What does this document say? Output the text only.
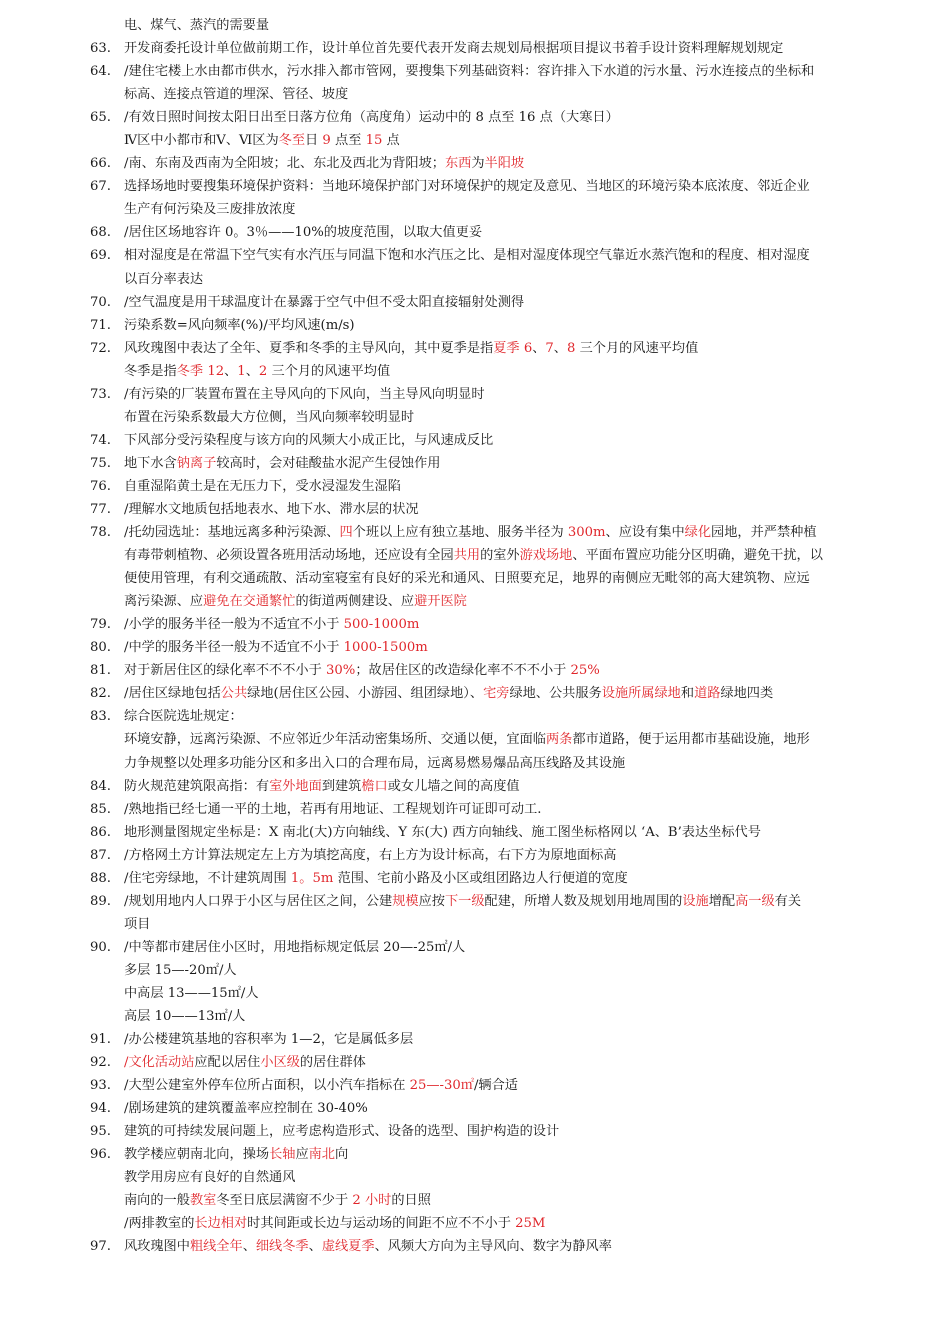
电、煤气、蒸汽的需要量
63. 开发商委托设计单位做前期工作，设计单位首先要代表开发商去规划局根据项目提议书着手设计资料理解规划规定
64. /建住宅楼上水由都市供水，污水排入都市管网，要搜集下列基础资料：容许排入下水道的污水量、污水连接点的坐标和
标高、连接点管道的埋深、管径、坡度
65. /有效日照时间按太阳日出至日落方位角（高度角）运动中的 8 点至 16 点（大寒日）
Ⅳ区中小都市和Ⅴ、Ⅵ区为冬至日 9 点至 15 点
66. /南、东南及西南为全阳坡；北、东北及西北为背阳坡；东西为半阳坡
67. 选择场地时要搜集环境保护资料：当地环境保护部门对环境保护的规定及意见、当地区的环境污染本底浓度、邻近企业
生产有何污染及三废排放浓度
68. /居住区场地容许 0。3％——10%的坡度范围，以取大值更妥
69. 相对湿度是在常温下空气实有水汽压与同温下饱和水汽压之比、是相对湿度体现空气靠近水蒸汽饱和的程度、相对湿度
以百分率表达
70. /空气温度是用干球温度计在暴露于空气中但不受太阳直接辐射处测得
71. 污染系数=风向频率(%)/平均风速(m/s)
72. 风玫瑰图中表达了全年、夏季和冬季的主导风向，其中夏季是指夏季 6、7、8 三个月的风速平均值
冬季是指冬季 12、1、2 三个月的风速平均值
73. /有污染的厂装置布置在主导风向的下风向，当主导风向明显时
布置在污染系数最大方位侧，当风向频率较明显时
74. 下风部分受污染程度与该方向的风频大小成正比，与风速成反比
75. 地下水含钠离子较高时，会对硅酸盐水泥产生侵蚀作用
76. 自重湿陷黄土是在无压力下，受水浸湿发生湿陷
77. /理解水文地质包括地表水、地下水、滞水层的状况
78. /托幼园选址：基地远离多种污染源、四个班以上应有独立基地、服务半径为 300m、应设有集中绿化园地，并严禁种植
有毒带刺植物、必须设置各班用活动场地，还应设有全园共用的室外游戏场地、平面布置应功能分区明确，避免干扰，以
便使用管理，有利交通疏散、活动室寝室有良好的采光和通风、日照要充足，地界的南侧应无毗邻的高大建筑物、应远
离污染源、应避免在交通繁忙的街道两侧建设、应避开医院
79. /小学的服务半径一般为不适宜不小于 500-1000m
80. /中学的服务半径一般为不适宜不小于 1000-1500m
81. 对于新居住区的绿化率不不不小于 30%；故居住区的改造绿化率不不不小于 25%
82. /居住区绿地包括公共绿地(居住区公园、小游园、组团绿地）、宅旁绿地、公共服务设施所属绿地和道路绿地四类
83. 综合医院选址规定：
环境安静，远离污染源、不应邻近少年活动密集场所、交通以便，宜面临两条都市道路，便于运用都市基础设施，地形
力争规整以处理多功能分区和多出入口的合理布局，远离易燃易爆品高压线路及其设施
84. 防火规范建筑限高指：有室外地面到建筑檐口或女儿墙之间的高度值
85. /熟地指已经七通一平的土地，若再有用地证、工程规划许可证即可动工.
86. 地形测量图规定坐标是：X 南北(大)方向轴线、Y 东(大) 西方向轴线、施工图坐标格网以 ‘A、B’表达坐标代号
87. /方格网土方计算法规定左上方为填挖高度，右上方为设计标高，右下方为原地面标高
88. /住宅旁绿地，不计建筑周围 1。5m 范围、宅前小路及小区或组团路边人行便道的宽度
89. /规划用地内人口界于小区与居住区之间，公建规模应按下一级配建，所增人数及规划用地周围的设施增配高一级有关
项目
90. /中等都市建居住小区时，用地指标规定低层 20—-25㎡/人
多层 15—-20㎡/人
中高层 13——15㎡/人
高层 10——13㎡/人
91. /办公楼建筑基地的容积率为 1—2，它是属低多层
92. /文化活动站应配以居住小区级的居住群体
93. /大型公建室外停车位所占面积，以小汽车指标在 25—-30㎡/辆合适
94. /剧场建筑的建筑覆盖率应控制在 30-40%
95. 建筑的可持续发展问题上，应考虑构造形式、设备的选型、围护构造的设计
96. 教学楼应朝南北向，操场长轴应南北向
教学用房应有良好的自然通风
南向的一般教室冬至日底层满窗不少于 2 小时的日照
/两排教室的长边相对时其间距或长边与运动场的间距不应不不小于 25M
97. 风玫瑰图中粗线全年、细线冬季、虚线夏季、风频大方向为主导风向、数字为静风率
